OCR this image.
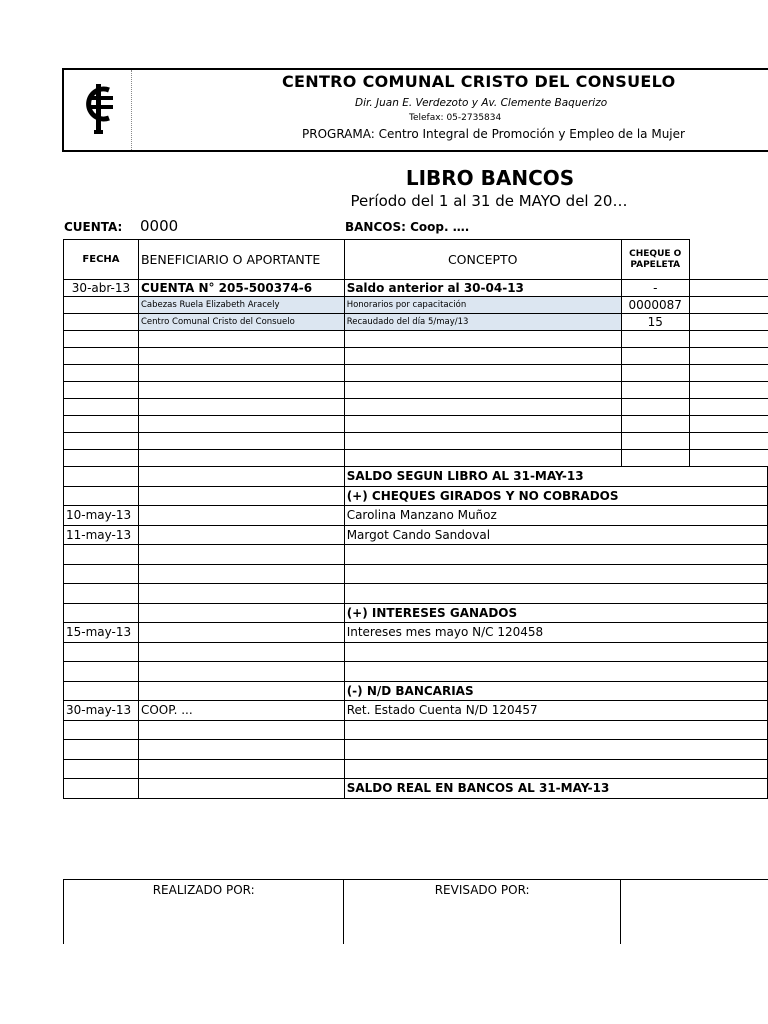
CENTRO COMUNAL CRISTO DEL CONSUELO
Dir. Juan E. Verdezoto y Av. Clemente Baquerizo
Telefax: 05-2735834
PROGRAMA: Centro Integral de Promoción y Empleo de la Mujer
LIBRO BANCOS
Período del 1 al 31 de MAYO del 20…
CUENTA: 0000	BANCOS: Coop. ….
FECHA	BENEFICIARIO O APORTANTE	CONCEPTO	CHEQUE O PAPELETA	
30-abr-13	CUENTA N° 205-500374-6	Saldo anterior al 30-04-13	-	
	Cabezas Ruela Elizabeth Aracely	Honorarios por capacitación	0000087	
	Centro Comunal Cristo del Consuelo	Recaudado del día 5/may/13	15	

		SALDO SEGUN LIBRO AL 31-MAY-13		
		(+) CHEQUES GIRADOS Y NO COBRADOS		
10-may-13		Carolina Manzano Muñoz		
11-may-13		Margot Cando Sandoval		

		(+) INTERESES GANADOS		
15-may-13		Intereses mes mayo N/C 120458		

		(-) N/D BANCARIAS		
30-may-13	COOP. ...	Ret. Estado Cuenta N/D 120457		

		SALDO REAL EN BANCOS AL 31-MAY-13		
REALIZADO POR:	REVISADO POR:	
